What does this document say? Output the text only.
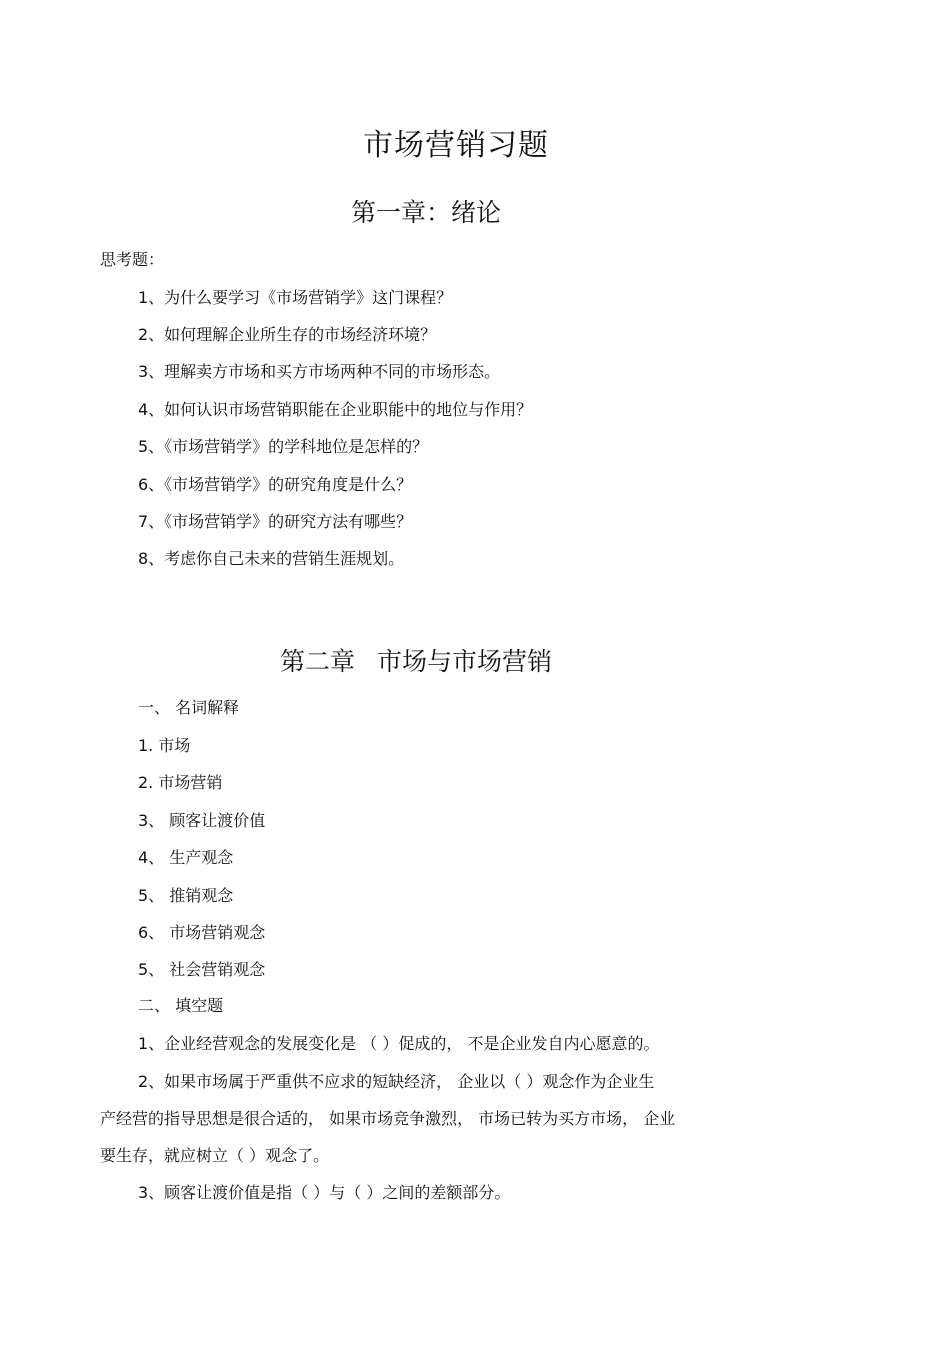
市场营销习题
第一章：绪论
思考题：
1、为什么要学习《市场营销学》这门课程？
2、如何理解企业所生存的市场经济环境？
3、理解卖方市场和买方市场两种不同的市场形态。
4、如何认识市场营销职能在企业职能中的地位与作用？
5、《市场营销学》的学科地位是怎样的？
6、《市场营销学》的研究角度是什么？
7、《市场营销学》的研究方法有哪些？
8、考虑你自己未来的营销生涯规划。
第二章 市场与市场营销
一、 名词解释
1. 市场
2. 市场营销
3、 顾客让渡价值
4、 生产观念
5、 推销观念
6、 市场营销观念
5、 社会营销观念
二、 填空题
1、企业经营观念的发展变化是 （ ）促成的， 不是企业发自内心愿意的。
2、如果市场属于严重供不应求的短缺经济， 企业以（ ）观念作为企业生
产经营的指导思想是很合适的， 如果市场竞争激烈， 市场已转为买方市场， 企业
要生存，就应树立（ ）观念了。
3、顾客让渡价值是指（ ）与（ ）之间的差额部分。
